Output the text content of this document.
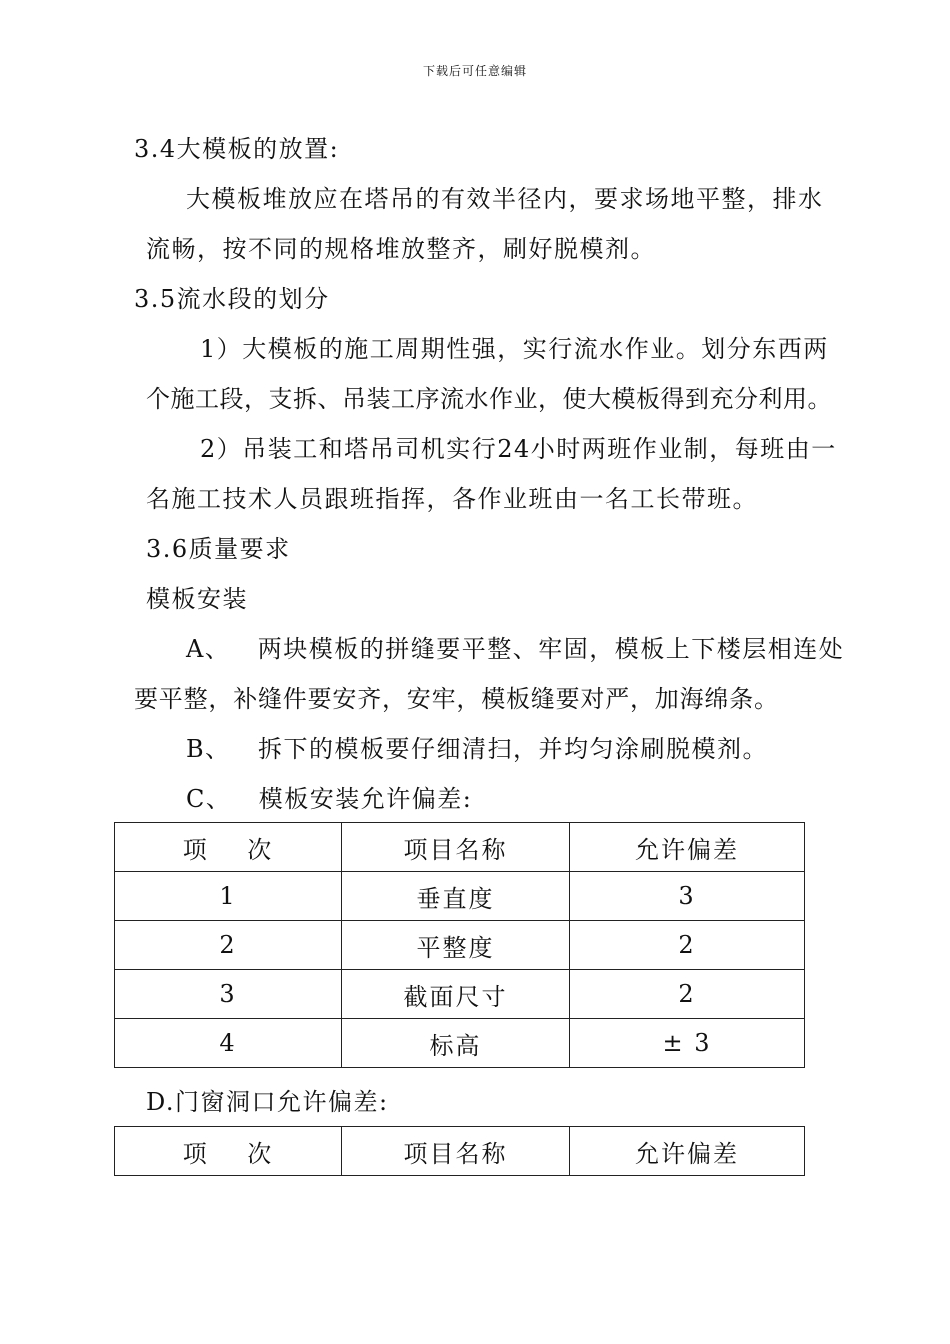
下载后可任意编辑
3.4大模板的放置:
大模板堆放应在塔吊的有效半径内，要求场地平整，排水
流畅，按不同的规格堆放整齐，刷好脱模剂。
3.5流水段的划分
1）大模板的施工周期性强，实行流水作业。划分东西两
个施工段，支拆、吊装工序流水作业，使大模板得到充分利用。
2）吊装工和塔吊司机实行24小时两班作业制，每班由一
名施工技术人员跟班指挥，各作业班由一名工长带班。
3.6质量要求
模板安装
A、   两块模板的拼缝要平整、牢固，模板上下楼层相连处
要平整，补缝件要安齐，安牢，模板缝要对严，加海绵条。
B、   拆下的模板要仔细清扫，并均匀涂刷脱模剂。
C、   模板安装允许偏差:
项    次	项目名称	允许偏差
1	垂直度	3
2	平整度	2
3	截面尺寸	2
4	标高	± 3
D.门窗洞口允许偏差:
项    次	项目名称	允许偏差
